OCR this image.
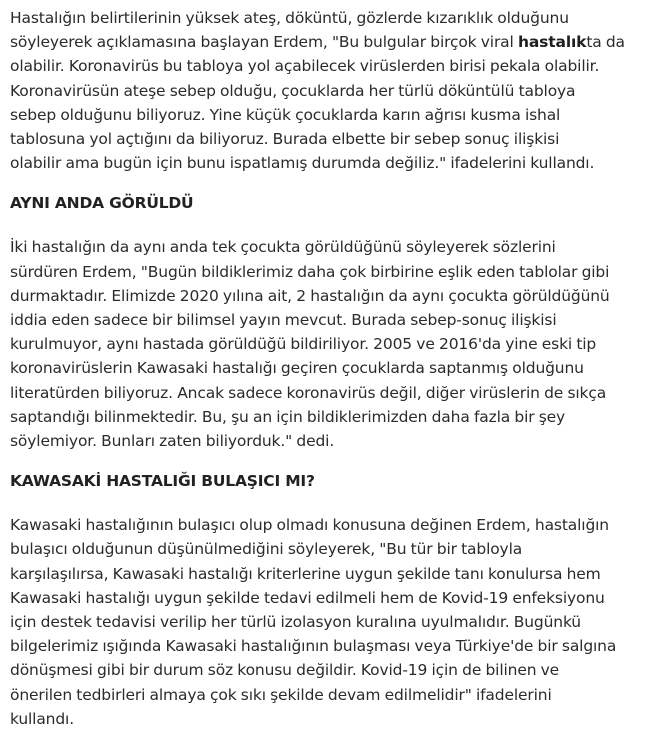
Hastalığın belirtilerinin yüksek ateş, döküntü, gözlerde kızarıklık olduğunu
söyleyerek açıklamasına başlayan Erdem, "Bu bulgular birçok viral hastalıkta da
olabilir. Koronavirüs bu tabloya yol açabilecek virüslerden birisi pekala olabilir.
Koronavirüsün ateşe sebep olduğu, çocuklarda her türlü döküntülü tabloya
sebep olduğunu biliyoruz. Yine küçük çocuklarda karın ağrısı kusma ishal
tablosuna yol açtığını da biliyoruz. Burada elbette bir sebep sonuç ilişkisi
olabilir ama bugün için bunu ispatlamış durumda değiliz." ifadelerini kullandı.

AYNI ANDA GÖRÜLDÜ

İki hastalığın da aynı anda tek çocukta görüldüğünü söyleyerek sözlerini
sürdüren Erdem, "Bugün bildiklerimiz daha çok birbirine eşlik eden tablolar gibi
durmaktadır. Elimizde 2020 yılına ait, 2 hastalığın da aynı çocukta görüldüğünü
iddia eden sadece bir bilimsel yayın mevcut. Burada sebep-sonuç ilişkisi
kurulmuyor, aynı hastada görüldüğü bildiriliyor. 2005 ve 2016'da yine eski tip
koronavirüslerin Kawasaki hastalığı geçiren çocuklarda saptanmış olduğunu
literatürden biliyoruz. Ancak sadece koronavirüs değil, diğer virüslerin de sıkça
saptandığı bilinmektedir. Bu, şu an için bildiklerimizden daha fazla bir şey
söylemiyor. Bunları zaten biliyorduk." dedi.

KAWASAKİ HASTALIĞI BULAŞICI MI?

Kawasaki hastalığının bulaşıcı olup olmadı konusuna değinen Erdem, hastalığın
bulaşıcı olduğunun düşünülmediğini söyleyerek, "Bu tür bir tabloyla
karşılaşılırsa, Kawasaki hastalığı kriterlerine uygun şekilde tanı konulursa hem
Kawasaki hastalığı uygun şekilde tedavi edilmeli hem de Kovid-19 enfeksiyonu
için destek tedavisi verilip her türlü izolasyon kuralına uyulmalıdır. Bugünkü
bilgelerimiz ışığında Kawasaki hastalığının bulaşması veya Türkiye'de bir salgına
dönüşmesi gibi bir durum söz konusu değildir. Kovid-19 için de bilinen ve
önerilen tedbirleri almaya çok sıkı şekilde devam edilmelidir" ifadelerini
kullandı.
